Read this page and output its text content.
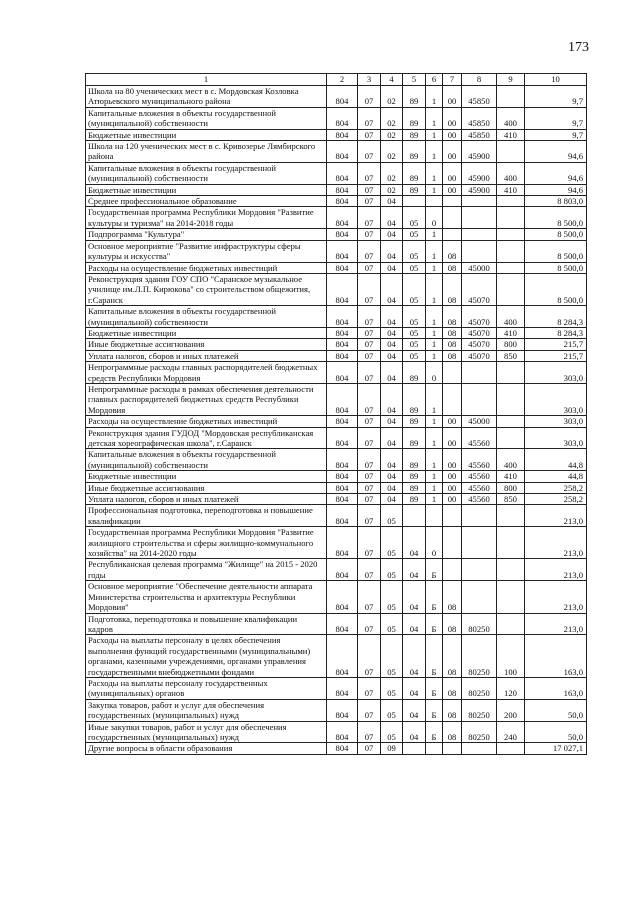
173
1	2	3	4	5	6	7	8	9	10
Школа на 80 ученических мест в с. Мордовская Козловка Атюрьевского муниципального района	804	07	02	89	1	00	45850		9,7
Капитальные вложения в объекты государственной (муниципальной) собственности	804	07	02	89	1	00	45850	400	9,7
Бюджетные инвестиции	804	07	02	89	1	00	45850	410	9,7
Школа на 120 ученических мест в с. Кривозерье Лямбирского района	804	07	02	89	1	00	45900		94,6
Капитальные вложения в объекты государственной (муниципальной) собственности	804	07	02	89	1	00	45900	400	94,6
Бюджетные инвестиции	804	07	02	89	1	00	45900	410	94,6
Среднее профессиональное образование	804	07	04						8 803,0
Государственная программа Республики Мордовия "Развитие культуры и туризма" на 2014-2018 годы	804	07	04	05	0				8 500,0
Подпрограмма "Культура"	804	07	04	05	1				8 500,0
Основное мероприятие "Развитие инфраструктуры сферы культуры и искусства"	804	07	04	05	1	08			8 500,0
Расходы на осуществление бюджетных инвестиций	804	07	04	05	1	08	45000		8 500,0
Реконструкция здания ГОУ СПО "Саранское музыкальное училище им.Л.П. Кирюкова" со строительством общежития, г.Саранск	804	07	04	05	1	08	45070		8 500,0
Капитальные вложения в объекты государственной (муниципальной) собственности	804	07	04	05	1	08	45070	400	8 284,3
Бюджетные инвестиции	804	07	04	05	1	08	45070	410	8 284,3
Иные бюджетные ассигнования	804	07	04	05	1	08	45070	800	215,7
Уплата налогов, сборов и иных платежей	804	07	04	05	1	08	45070	850	215,7
Непрограммные расходы главных распорядителей бюджетных средств Республики Мордовия	804	07	04	89	0				303,0
Непрограммные расходы в рамках обеспечения деятельности главных распорядителей бюджетных средств Республики Мордовия	804	07	04	89	1				303,0
Расходы на осуществление бюджетных инвестиций	804	07	04	89	1	00	45000		303,0
Реконструкция здания ГУДОД "Мордовская республиканская детская хореографическая школа", г.Саранск	804	07	04	89	1	00	45560		303,0
Капитальные вложения в объекты государственной (муниципальной) собственности	804	07	04	89	1	00	45560	400	44,8
Бюджетные инвестиции	804	07	04	89	1	00	45560	410	44,8
Иные бюджетные ассигнования	804	07	04	89	1	00	45560	800	258,2
Уплата налогов, сборов и иных платежей	804	07	04	89	1	00	45560	850	258,2
Профессиональная подготовка, переподготовка и повышение квалификации	804	07	05						213,0
Государственная программа Республики Мордовия "Развитие жилищного строительства и сферы жилищно-коммунального хозяйства" на 2014-2020 годы	804	07	05	04	0				213,0
Республиканская целевая программа "Жилище" на 2015 - 2020 годы	804	07	05	04	Б				213,0
Основное мероприятие "Обеспечение деятельности аппарата Министерства строительства и архитектуры Республики Мордовия"	804	07	05	04	Б	08			213,0
Подготовка, переподготовка и повышение квалификации кадров	804	07	05	04	Б	08	80250		213,0
Расходы на выплаты персоналу в целях обеспечения выполнения функций государственными (муниципальными) органами, казенными учреждениями, органами управления государственными внебюджетными фондами	804	07	05	04	Б	08	80250	100	163,0
Расходы на выплаты персоналу государственных (муниципальных) органов	804	07	05	04	Б	08	80250	120	163,0
Закупка товаров, работ и услуг для обеспечения государственных (муниципальных) нужд	804	07	05	04	Б	08	80250	200	50,0
Иные закупки товаров, работ и услуг для обеспечения государственных (муниципальных) нужд	804	07	05	04	Б	08	80250	240	50,0
Другие вопросы в области образования	804	07	09						17 027,1
